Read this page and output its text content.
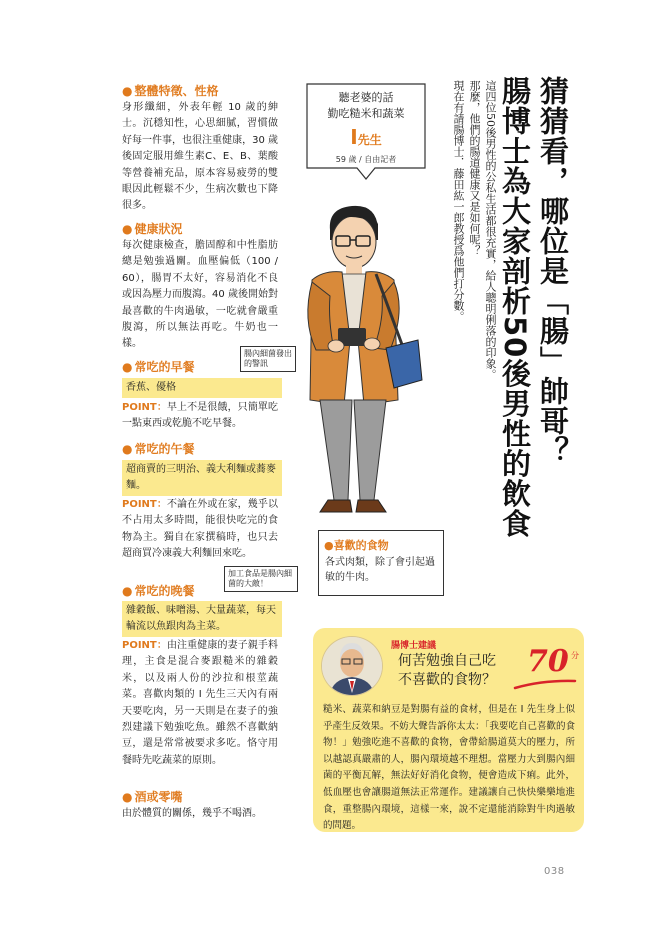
猜猜看，哪位是「腸」帥哥？
腸博士為大家剖析50後男性的飲食
這四位50後男性的公私生活都很充實，給人聰明俐落的印象。
那麼，他們的腸道健康又是如何呢？
現在有請腸博士．藤田紘一郎教授爲他們打分數。
聽老婆的話
勤吃糙米和蔬菜
I先生
59 歲 / 自由記者
● 整體特徵、性格
身形纖細，外表年輕 10 歲的紳士。沉穩知性，心思細膩，習慣做好每一件事，也很注重健康，30 歲後固定服用維生素C、E、B、葉酸等營養補充品，原本容易疲勞的雙眼因此輕鬆不少，生病次數也下降很多。
● 健康狀況
每次健康檢查，膽固醇和中性脂肪總是勉強過關。血壓偏低（100 / 60），腸胃不太好，容易消化不良或因為壓力而腹瀉。40 歲後開始對最喜歡的牛肉過敏，一吃就會嚴重腹瀉，所以無法再吃。牛奶也一樣。
● 常吃的早餐
香蕉、優格
POINT：早上不是很餓，只簡單吃一點東西或乾脆不吃早餐。
● 常吃的午餐
超商賣的三明治、義大利麵或蕎麥麵。
POINT：不論在外或在家，幾乎以不占用太多時間，能很快吃完的食物為主。獨自在家撰稿時，也只去超商買冷凍義大利麵回來吃。
● 常吃的晚餐
雜穀飯、味噌湯、大量蔬菜，每天輪流以魚跟肉為主菜。
POINT：由注重健康的妻子親手料理，主食是混合麥跟糙米的雜穀米，以及兩人份的沙拉和根莖蔬菜。喜歡肉類的 I 先生三天內有兩天要吃肉，另一天則是在妻子的強烈建議下勉強吃魚。雖然不喜歡納豆，還是常常被要求多吃。恪守用餐時先吃蔬菜的原則。
● 酒或零嘴
由於體質的關係，幾乎不喝酒。
腸內細菌發出的警訊
加工食品是腸內細菌的大敵！
●喜歡的食物
各式肉類，除了會引起過敏的牛肉。
腸博士建議
何苦勉強自己吃
不喜歡的食物？
70 分
糙米、蔬菜和納豆是對腸有益的食材，但是在 I 先生身上似乎產生反效果。不妨大聲告訴你太太：「我要吃自己喜歡的食物！」勉強吃進不喜歡的食物，會帶給腸道莫大的壓力，所以越認真嚴肅的人，腸內環境越不理想。當壓力大到腸內細菌的平衡瓦解，無法好好消化食物，便會造成下痢。此外，低血壓也會讓腸道無法正常運作。建議讓自己快快樂樂地進食，重整腸內環境，這樣一來，說不定還能消除對牛肉過敏的問題。
038
